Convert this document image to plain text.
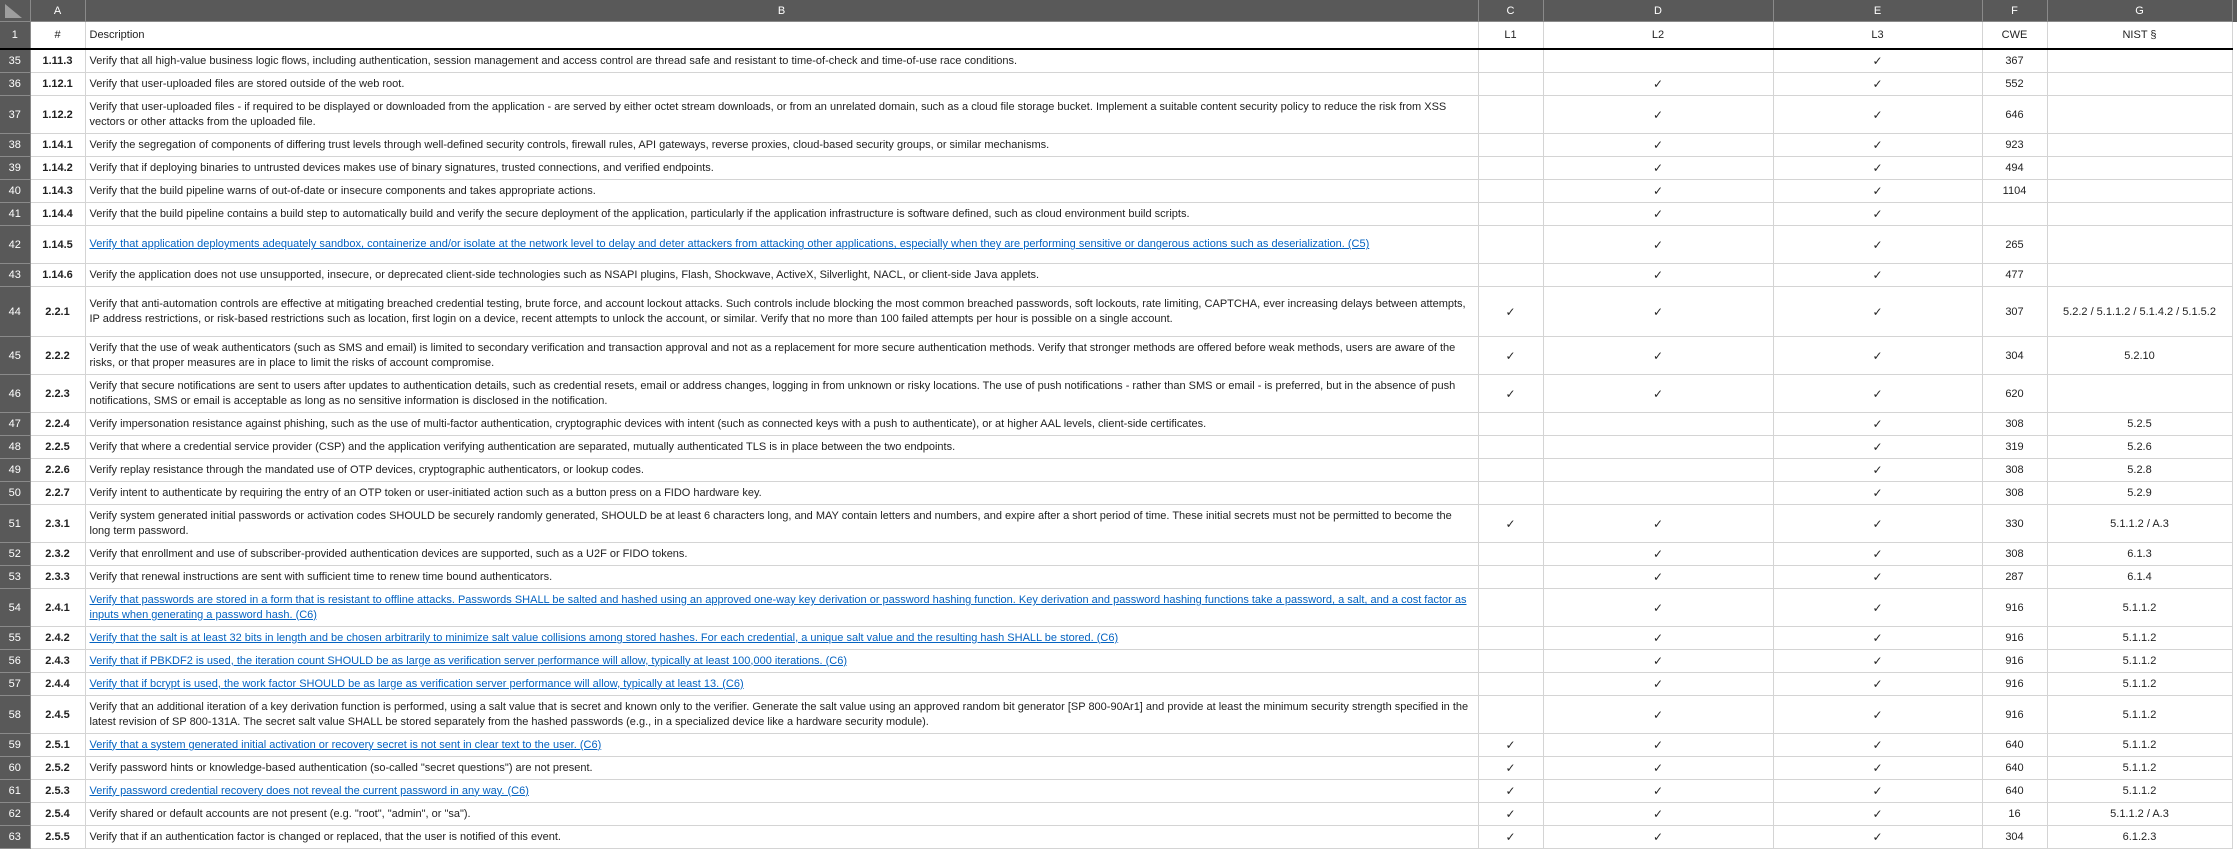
	A	B	C	D	E	F	G	
1	#	Description	L1	L2	L3	CWE	NIST §	
35	1.11.3	Verify that all high-value business logic flows, including authentication, session management and access control are thread safe and resistant to time-of-check and time-of-use race conditions.			✓	367		
36	1.12.1	Verify that user-uploaded files are stored outside of the web root.		✓	✓	552		
37	1.12.2	Verify that user-uploaded files - if required to be displayed or downloaded from the application - are served by either octet stream downloads, or from an unrelated domain, such as a cloud file storage bucket. Implement a suitable content security policy to reduce the risk from XSS vectors or other attacks from the uploaded file.		✓	✓	646		
38	1.14.1	Verify the segregation of components of differing trust levels through well-defined security controls, firewall rules, API gateways, reverse proxies, cloud-based security groups, or similar mechanisms.		✓	✓	923		
39	1.14.2	Verify that if deploying binaries to untrusted devices makes use of binary signatures, trusted connections, and verified endpoints.		✓	✓	494		
40	1.14.3	Verify that the build pipeline warns of out-of-date or insecure components and takes appropriate actions.		✓	✓	1104		
41	1.14.4	Verify that the build pipeline contains a build step to automatically build and verify the secure deployment of the application, particularly if the application infrastructure is software defined, such as cloud environment build scripts.		✓	✓			
42	1.14.5	Verify that application deployments adequately sandbox, containerize and/or isolate at the network level to delay and deter attackers from attacking other applications, especially when they are performing sensitive or dangerous actions such as deserialization. (C5)		✓	✓	265		
43	1.14.6	Verify the application does not use unsupported, insecure, or deprecated client-side technologies such as NSAPI plugins, Flash, Shockwave, ActiveX, Silverlight, NACL, or client-side Java applets.		✓	✓	477		
44	2.2.1	Verify that anti-automation controls are effective at mitigating breached credential testing, brute force, and account lockout attacks. Such controls include blocking the most common breached passwords, soft lockouts, rate limiting, CAPTCHA, ever increasing delays between attempts, IP address restrictions, or risk-based restrictions such as location, first login on a device, recent attempts to unlock the account, or similar. Verify that no more than 100 failed attempts per hour is possible on a single account.	✓	✓	✓	307	5.2.2 / 5.1.1.2 / 5.1.4.2 / 5.1.5.2	
45	2.2.2	Verify that the use of weak authenticators (such as SMS and email) is limited to secondary verification and transaction approval and not as a replacement for more secure authentication methods. Verify that stronger methods are offered before weak methods, users are aware of the risks, or that proper measures are in place to limit the risks of account compromise.	✓	✓	✓	304	5.2.10	
46	2.2.3	Verify that secure notifications are sent to users after updates to authentication details, such as credential resets, email or address changes, logging in from unknown or risky locations. The use of push notifications - rather than SMS or email - is preferred, but in the absence of push notifications, SMS or email is acceptable as long as no sensitive information is disclosed in the notification.	✓	✓	✓	620		
47	2.2.4	Verify impersonation resistance against phishing, such as the use of multi-factor authentication, cryptographic devices with intent (such as connected keys with a push to authenticate), or at higher AAL levels, client-side certificates.			✓	308	5.2.5	
48	2.2.5	Verify that where a credential service provider (CSP) and the application verifying authentication are separated, mutually authenticated TLS is in place between the two endpoints.			✓	319	5.2.6	
49	2.2.6	Verify replay resistance through the mandated use of OTP devices, cryptographic authenticators, or lookup codes.			✓	308	5.2.8	
50	2.2.7	Verify intent to authenticate by requiring the entry of an OTP token or user-initiated action such as a button press on a FIDO hardware key.			✓	308	5.2.9	
51	2.3.1	Verify system generated initial passwords or activation codes SHOULD be securely randomly generated, SHOULD be at least 6 characters long, and MAY contain letters and numbers, and expire after a short period of time. These initial secrets must not be permitted to become the long term password.	✓	✓	✓	330	5.1.1.2 / A.3	
52	2.3.2	Verify that enrollment and use of subscriber-provided authentication devices are supported, such as a U2F or FIDO tokens.		✓	✓	308	6.1.3	
53	2.3.3	Verify that renewal instructions are sent with sufficient time to renew time bound authenticators.		✓	✓	287	6.1.4	
54	2.4.1	Verify that passwords are stored in a form that is resistant to offline attacks. Passwords SHALL be salted and hashed using an approved one-way key derivation or password hashing function. Key derivation and password hashing functions take a password, a salt, and a cost factor as inputs when generating a password hash. (C6)		✓	✓	916	5.1.1.2	
55	2.4.2	Verify that the salt is at least 32 bits in length and be chosen arbitrarily to minimize salt value collisions among stored hashes. For each credential, a unique salt value and the resulting hash SHALL be stored. (C6)		✓	✓	916	5.1.1.2	
56	2.4.3	Verify that if PBKDF2 is used, the iteration count SHOULD be as large as verification server performance will allow, typically at least 100,000 iterations. (C6)		✓	✓	916	5.1.1.2	
57	2.4.4	Verify that if bcrypt is used, the work factor SHOULD be as large as verification server performance will allow, typically at least 13. (C6)		✓	✓	916	5.1.1.2	
58	2.4.5	Verify that an additional iteration of a key derivation function is performed, using a salt value that is secret and known only to the verifier. Generate the salt value using an approved random bit generator [SP 800-90Ar1] and provide at least the minimum security strength specified in the latest revision of SP 800-131A. The secret salt value SHALL be stored separately from the hashed passwords (e.g., in a specialized device like a hardware security module).		✓	✓	916	5.1.1.2	
59	2.5.1	Verify that a system generated initial activation or recovery secret is not sent in clear text to the user. (C6)	✓	✓	✓	640	5.1.1.2	
60	2.5.2	Verify password hints or knowledge-based authentication (so-called "secret questions") are not present.	✓	✓	✓	640	5.1.1.2	
61	2.5.3	Verify password credential recovery does not reveal the current password in any way. (C6)	✓	✓	✓	640	5.1.1.2	
62	2.5.4	Verify shared or default accounts are not present (e.g. "root", "admin", or "sa").	✓	✓	✓	16	5.1.1.2 / A.3	
63	2.5.5	Verify that if an authentication factor is changed or replaced, that the user is notified of this event.	✓	✓	✓	304	6.1.2.3	
